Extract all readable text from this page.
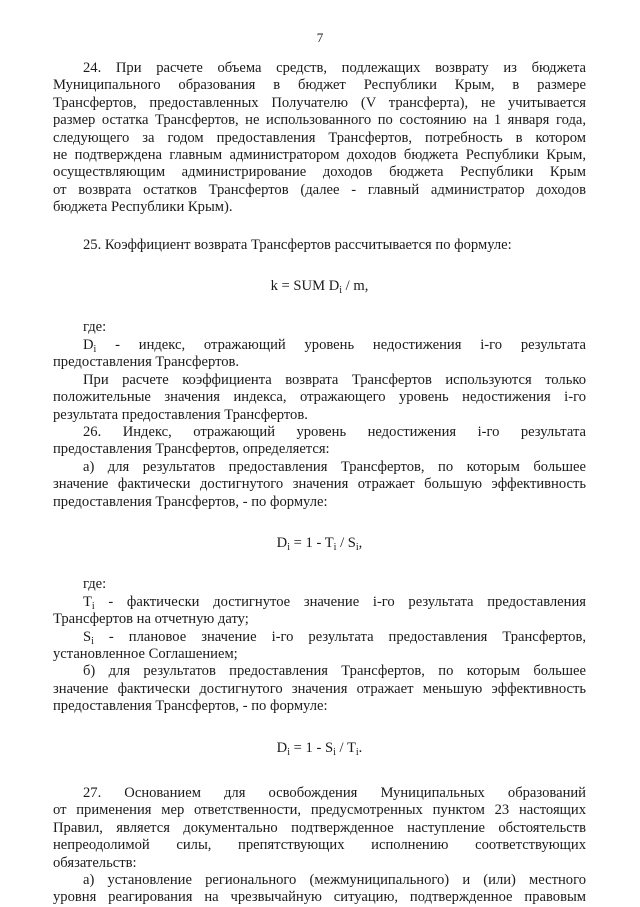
7

24. При расчете объема средств, подлежащих возврату из бюджета

Муниципального образования в бюджет Республики Крым, в размере

Трансфертов, предоставленных Получателю (V трансферта), не учитывается

размер остатка Трансфертов, не использованного по состоянию на 1 января года,

следующего за годом предоставления Трансфертов, потребность в котором

не подтверждена главным администратором доходов бюджета Республики Крым,

осуществляющим администрирование доходов бюджета Республики Крым

от возврата остатков Трансфертов (далее - главный администратор доходов

бюджета Республики Крым).

25. Коэффициент возврата Трансфертов рассчитывается по формуле:

k = SUM $D_i$ / m,

где:

$D_i$ - индекс, отражающий уровень недостижения i-го результата

предоставления Трансфертов.

При расчете коэффициента возврата Трансфертов используются только

положительные значения индекса, отражающего уровень недостижения i-го

результата предоставления Трансфертов.

26. Индекс, отражающий уровень недостижения i-го результата

предоставления Трансфертов, определяется:

а) для результатов предоставления Трансфертов, по которым большее

значение фактически достигнутого значения отражает большую эффективность

предоставления Трансфертов, - по формуле:

$D_i = 1 - T_i / S_i$,

где:

$T_i$ - фактически достигнутое значение i-го результата предоставления

Трансфертов на отчетную дату;

$S_i$ - плановое значение i-го результата предоставления Трансфертов,

установленное Соглашением;

б) для результатов предоставления Трансфертов, по которым большее

значение фактически достигнутого значения отражает меньшую эффективность

предоставления Трансфертов, - по формуле:

$D_i = 1 - S_i / T_i$.

27. Основанием для освобождения Муниципальных образований

от применения мер ответственности, предусмотренных пунктом 23 настоящих

Правил, является документально подтвержденное наступление обстоятельств

непреодолимой силы, препятствующих исполнению соответствующих

обязательств:

а) установление регионального (межмуниципального) и (или) местного

уровня реагирования на чрезвычайную ситуацию, подтвержденное правовым
